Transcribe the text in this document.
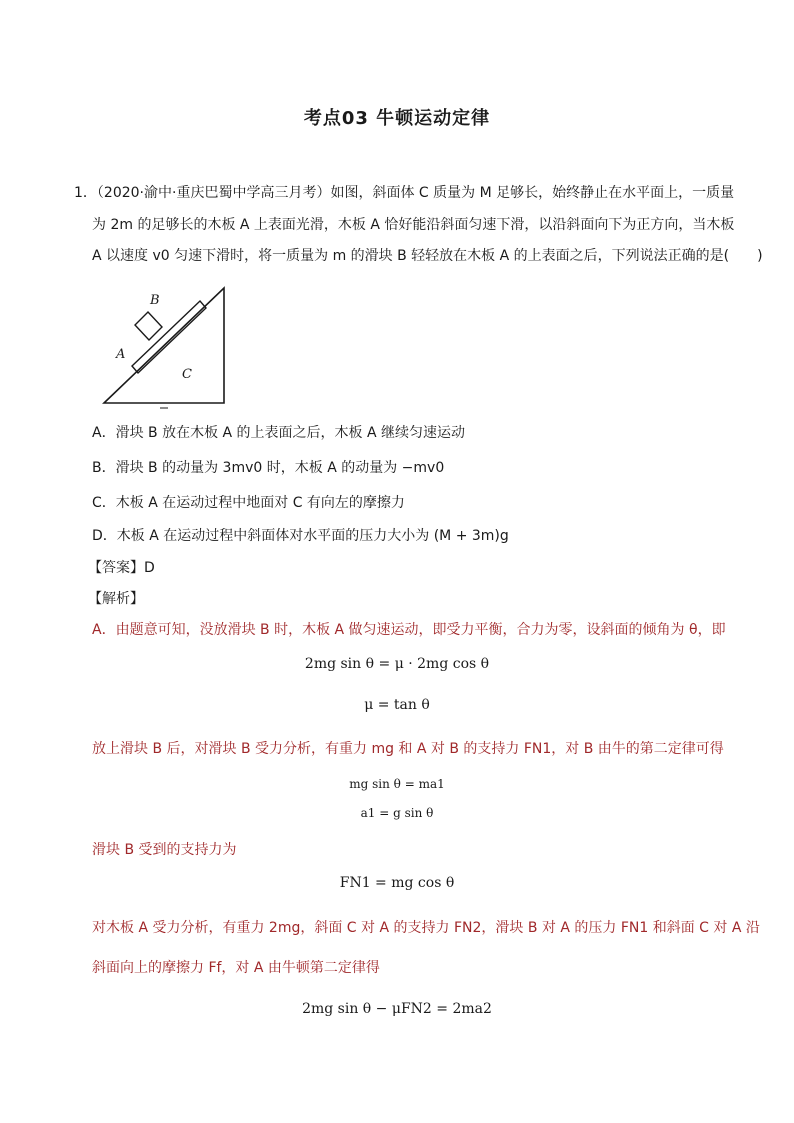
考点03 牛顿运动定律
1．（2020·渝中·重庆巴蜀中学高三月考）如图，斜面体 C 质量为 M 足够长，始终静止在水平面上，一质量
为 2m 的足够长的木板 A 上表面光滑，木板 A 恰好能沿斜面匀速下滑，以沿斜面向下为正方向，当木板
A 以速度 v0 匀速下滑时，将一质量为 m 的滑块 B 轻轻放在木板 A 的上表面之后，下列说法正确的是(　　)
B
A
C
A．滑块 B 放在木板 A 的上表面之后，木板 A 继续匀速运动
B．滑块 B 的动量为 3mv0 时，木板 A 的动量为 −mv0
C．木板 A 在运动过程中地面对 C 有向左的摩擦力
D．木板 A 在运动过程中斜面体对水平面的压力大小为 (M + 3m)g
【答案】D
【解析】
A．由题意可知，没放滑块 B 时，木板 A 做匀速运动，即受力平衡，合力为零，设斜面的倾角为 θ，即
2mg sin θ = μ · 2mg cos θ
μ = tan θ
放上滑块 B 后，对滑块 B 受力分析，有重力 mg 和 A 对 B 的支持力 FN1，对 B 由牛的第二定律可得
mg sin θ = ma1
a1 = g sin θ
滑块 B 受到的支持力为
FN1 = mg cos θ
对木板 A 受力分析，有重力 2mg，斜面 C 对 A 的支持力 FN2，滑块 B 对 A 的压力 FN1 和斜面 C 对 A 沿
斜面向上的摩擦力 Ff，对 A 由牛顿第二定律得
2mg sin θ − μFN2 = 2ma2
